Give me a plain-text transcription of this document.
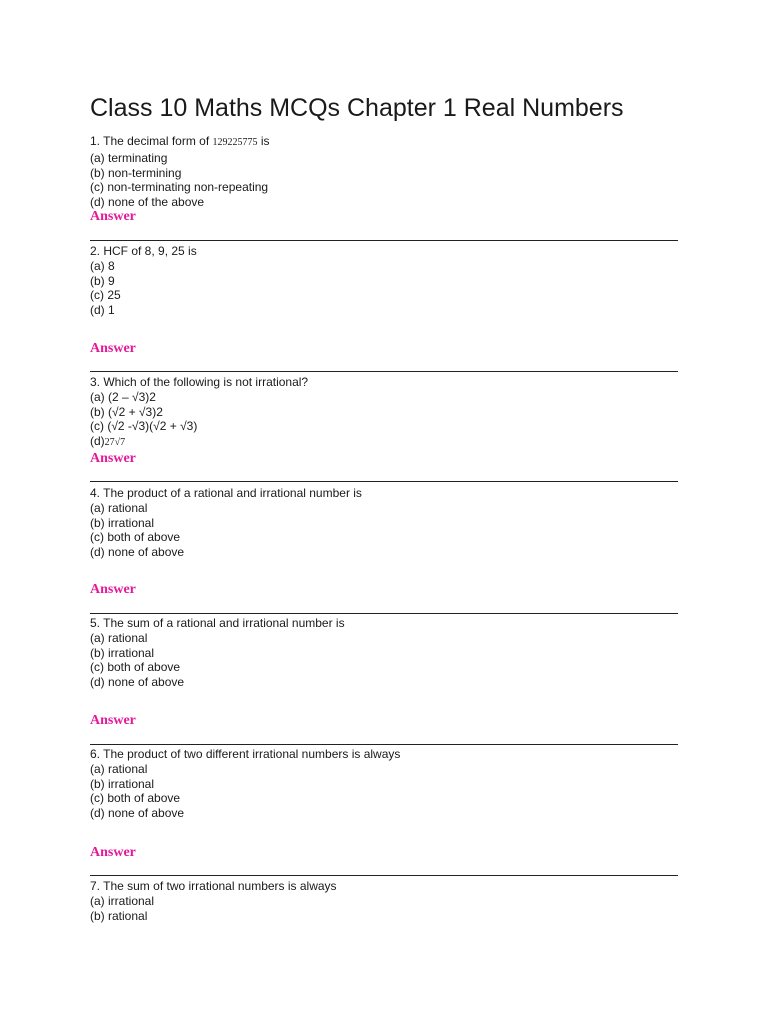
Class 10 Maths MCQs Chapter 1 Real Numbers

1. The decimal form of 129225775 is

(a) terminating

(b) non-termining

(c) non-terminating non-repeating

(d) none of the above

Answer

2. HCF of 8, 9, 25 is

(a) 8

(b) 9

(c) 25

(d) 1

Answer

3. Which of the following is not irrational?

(a) (2 – √3)2

(b) (√2 + √3)2

(c) (√2 -√3)(√2 + √3)

(d)27√7

Answer

4. The product of a rational and irrational number is

(a) rational

(b) irrational

(c) both of above

(d) none of above

Answer

5. The sum of a rational and irrational number is

(a) rational

(b) irrational

(c) both of above

(d) none of above

Answer

6. The product of two different irrational numbers is always

(a) rational

(b) irrational

(c) both of above

(d) none of above

Answer

7. The sum of two irrational numbers is always

(a) irrational

(b) rational
